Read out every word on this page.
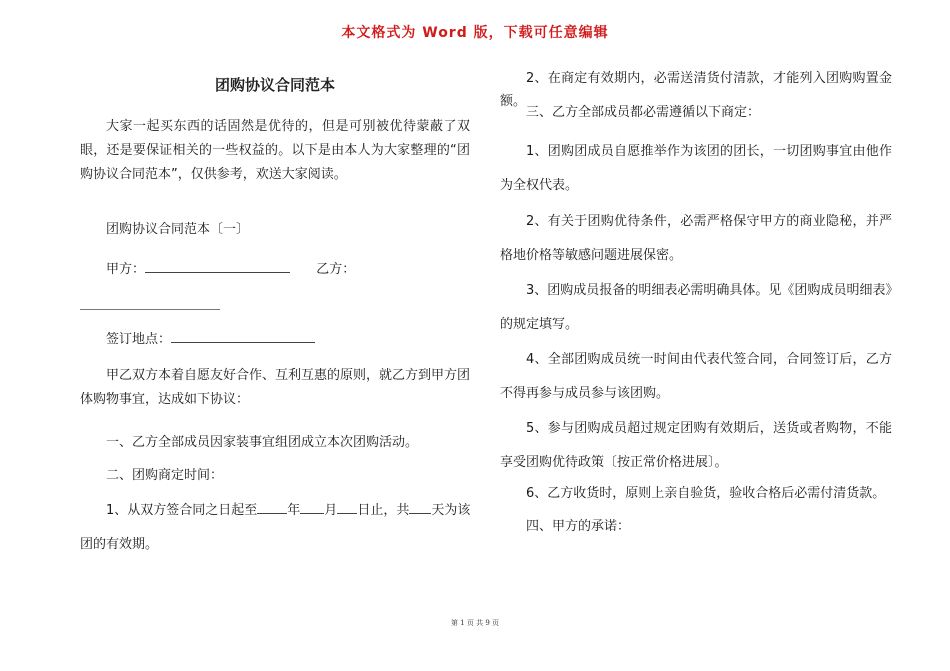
本文格式为 Word 版，下载可任意编辑
团购协议合同范本

大家一起买东西的话固然是优待的，但是可别被优待蒙蔽了双眼，还是要保证相关的一些权益的。以下是由本人为大家整理的“团购协议合同范本”，仅供参考，欢送大家阅读。

团购协议合同范本〔一〕

甲方：	乙方：
签订地点：

甲乙双方本着自愿友好合作、互利互惠的原则，就乙方到甲方团体购物事宜，达成如下协议：

一、乙方全部成员因家装事宜组团成立本次团购活动。

二、团购商定时间：

1、从双方签合同之日起至 年 月 日止，共 天为该

团的有效期。

2、在商定有效期内，必需送清货付清款，才能列入团购购置金额。

三、乙方全部成员都必需遵循以下商定：

1、团购团成员自愿推举作为该团的团长，一切团购事宜由他作为全权代表。

2、有关于团购优待条件，必需严格保守甲方的商业隐秘，并严格地价格等敏感问题进展保密。

3、团购成员报备的明细表必需明确具体。见《团购成员明细表》的规定填写。

4、全部团购成员统一时间由代表代签合同，合同签订后，乙方不得再参与成员参与该团购。

5、参与团购成员超过规定团购有效期后，送货或者购物，不能享受团购优待政策〔按正常价格进展〕。

6、乙方收货时，原则上亲自验货，验收合格后必需付清货款。

四、甲方的承诺：

第 1 页 共 9 页
